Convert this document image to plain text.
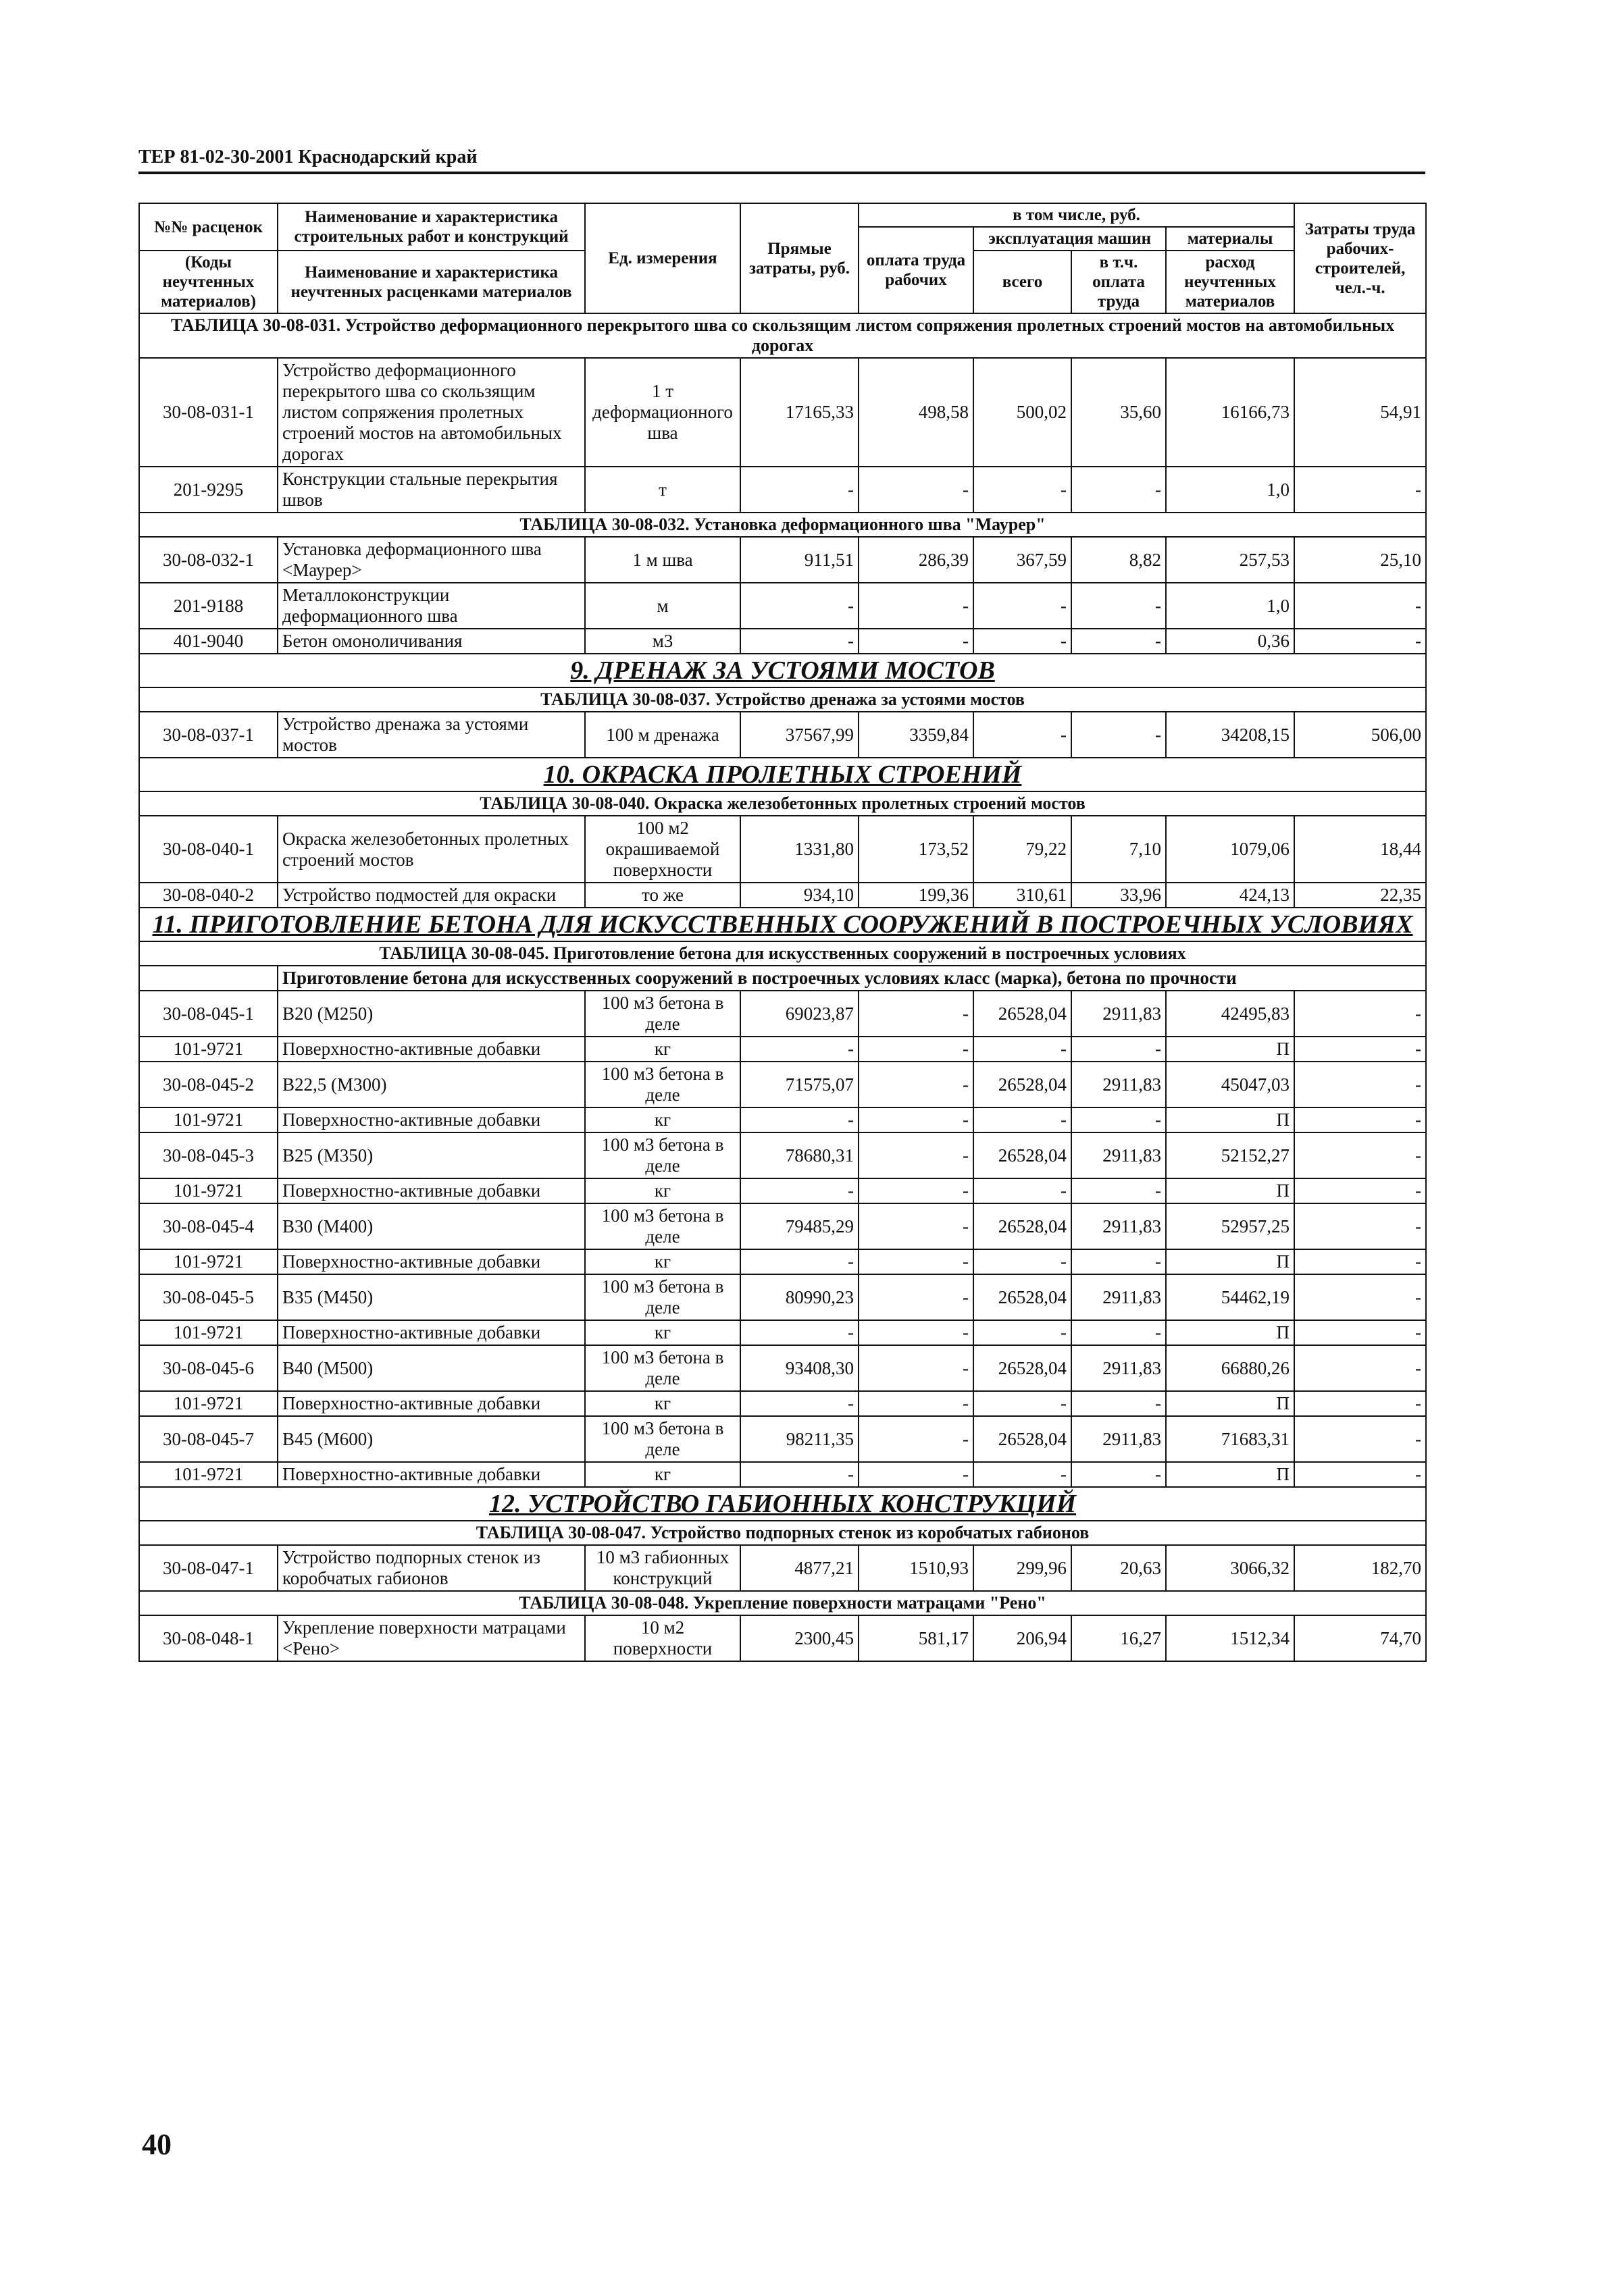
ТЕР 81-02-30-2001 Краснодарский край
№№ расценок	Наименование и характеристика строительных работ и конструкций	Ед. измерения	Прямые затраты, руб.	в том числе, руб.				Затраты труда рабочих-строителей, чел.-ч.
				оплата труда рабочих	эксплуатация машин		материалы	
(Коды неучтенных материалов)	Наименование и характеристика неучтенных расценками материалов				всего	в т.ч. оплата труда	расход неучтенных материалов	

ТАБЛИЦА 30-08-031. Устройство деформационного перекрытого шва со скользящим листом сопряжения пролетных строений мостов на автомобильных дорогах								
30-08-031-1	Устройство деформационного перекрытого шва со скользящим листом сопряжения пролетных строений мостов на автомобильных дорогах	1 т деформационного шва	17165,33	498,58	500,02	35,60	16166,73	54,91
201-9295	Конструкции стальные перекрытия швов	т	-	-	-	-	1,0	-
ТАБЛИЦА 30-08-032. Установка деформационного шва "Маурер"								
30-08-032-1	Установка деформационного шва <Маурер>	1 м шва	911,51	286,39	367,59	8,82	257,53	25,10
201-9188	Металлоконструкции деформационного шва	м	-	-	-	-	1,0	-
401-9040	Бетон омоноличивания	м3	-	-	-	-	0,36	-
9. ДРЕНАЖ ЗА УСТОЯМИ МОСТОВ								
ТАБЛИЦА 30-08-037. Устройство дренажа за устоями мостов								
30-08-037-1	Устройство дренажа за устоями мостов	100 м дренажа	37567,99	3359,84	-	-	34208,15	506,00
10. ОКРАСКА ПРОЛЕТНЫХ СТРОЕНИЙ								
ТАБЛИЦА 30-08-040. Окраска железобетонных пролетных строений мостов								
30-08-040-1	Окраска железобетонных пролетных строений мостов	100 м2 окрашиваемой поверхности	1331,80	173,52	79,22	7,10	1079,06	18,44
30-08-040-2	Устройство подмостей для окраски	то же	934,10	199,36	310,61	33,96	424,13	22,35
11. ПРИГОТОВЛЕНИЕ БЕТОНА ДЛЯ ИСКУССТВЕННЫХ СООРУЖЕНИЙ В ПОСТРОЕЧНЫХ УСЛОВИЯХ								
ТАБЛИЦА 30-08-045. Приготовление бетона для искусственных сооружений в построечных условиях								
	Приготовление бетона для искусственных сооружений в построечных условиях класс (марка), бетона по прочности							
30-08-045-1	В20 (М250)	100 м3 бетона в деле	69023,87	-	26528,04	2911,83	42495,83	-
101-9721	Поверхностно-активные добавки	кг	-	-	-	-	П	-
30-08-045-2	В22,5 (М300)	100 м3 бетона в деле	71575,07	-	26528,04	2911,83	45047,03	-
101-9721	Поверхностно-активные добавки	кг	-	-	-	-	П	-
30-08-045-3	В25 (М350)	100 м3 бетона в деле	78680,31	-	26528,04	2911,83	52152,27	-
101-9721	Поверхностно-активные добавки	кг	-	-	-	-	П	-
30-08-045-4	В30 (М400)	100 м3 бетона в деле	79485,29	-	26528,04	2911,83	52957,25	-
101-9721	Поверхностно-активные добавки	кг	-	-	-	-	П	-
30-08-045-5	В35 (М450)	100 м3 бетона в деле	80990,23	-	26528,04	2911,83	54462,19	-
101-9721	Поверхностно-активные добавки	кг	-	-	-	-	П	-
30-08-045-6	В40 (М500)	100 м3 бетона в деле	93408,30	-	26528,04	2911,83	66880,26	-
101-9721	Поверхностно-активные добавки	кг	-	-	-	-	П	-
30-08-045-7	В45 (М600)	100 м3 бетона в деле	98211,35	-	26528,04	2911,83	71683,31	-
101-9721	Поверхностно-активные добавки	кг	-	-	-	-	П	-
12. УСТРОЙСТВО ГАБИОННЫХ КОНСТРУКЦИЙ								
ТАБЛИЦА 30-08-047. Устройство подпорных стенок из коробчатых габионов								
30-08-047-1	Устройство подпорных стенок из коробчатых габионов	10 м3 габионных конструкций	4877,21	1510,93	299,96	20,63	3066,32	182,70
ТАБЛИЦА 30-08-048. Укрепление поверхности матрацами "Рено"								
30-08-048-1	Укрепление поверхности матрацами <Рено>	10 м2 поверхности	2300,45	581,17	206,94	16,27	1512,34	74,70
40
